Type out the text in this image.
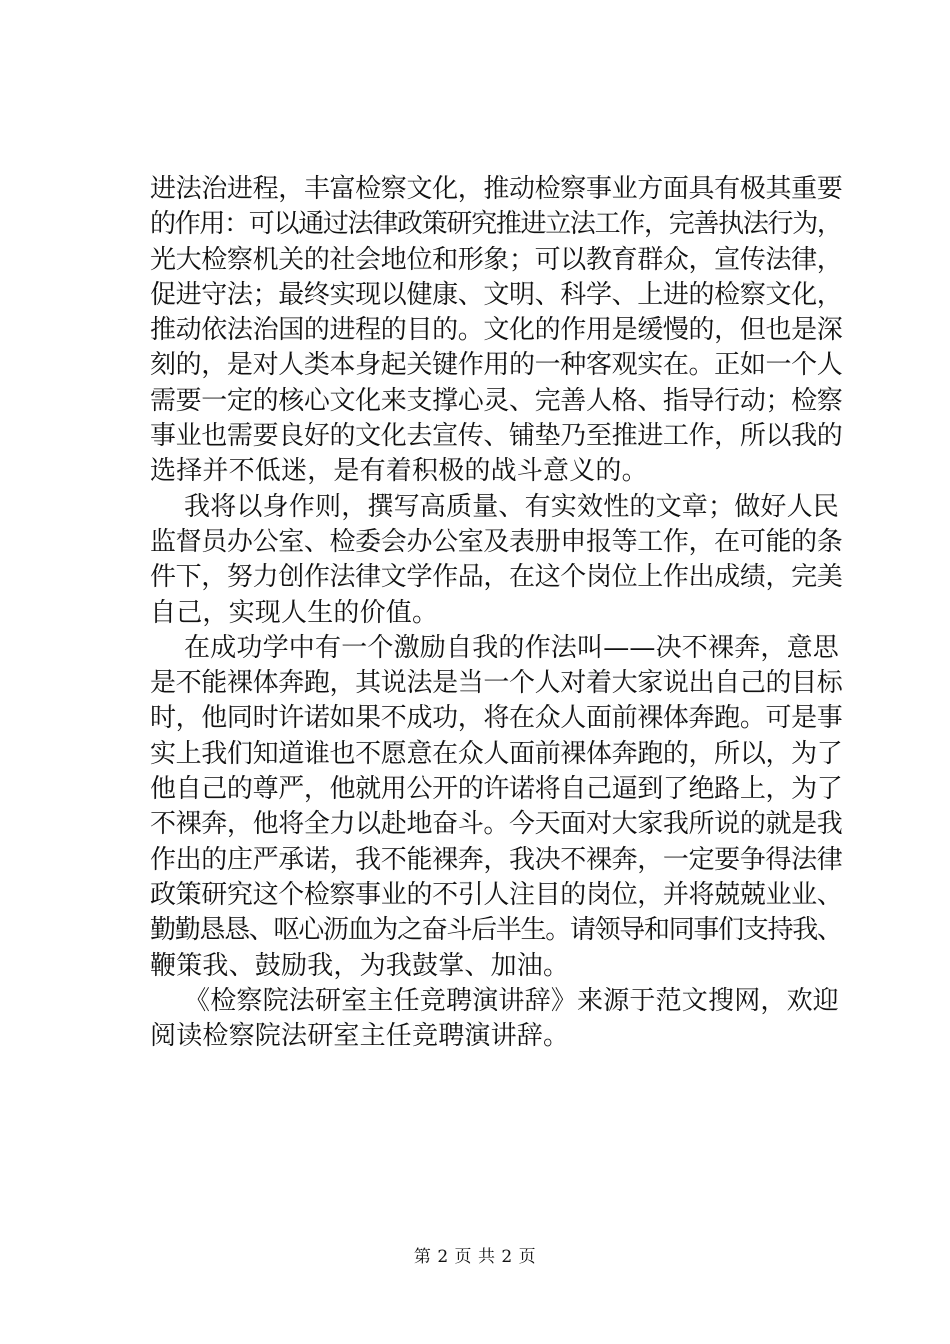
进法治进程，丰富检察文化，推动检察事业方面具有极其重要
的作用：可以通过法律政策研究推进立法工作，完善执法行为，
光大检察机关的社会地位和形象；可以教育群众，宣传法律，
促进守法；最终实现以健康、文明、科学、上进的检察文化，
推动依法治国的进程的目的。文化的作用是缓慢的，但也是深
刻的，是对人类本身起关键作用的一种客观实在。正如一个人
需要一定的核心文化来支撑心灵、完善人格、指导行动；检察
事业也需要良好的文化去宣传、铺垫乃至推进工作，所以我的
选择并不低迷，是有着积极的战斗意义的。
我将以身作则，撰写高质量、有实效性的文章；做好人民
监督员办公室、检委会办公室及表册申报等工作，在可能的条
件下，努力创作法律文学作品，在这个岗位上作出成绩，完美
自己，实现人生的价值。
在成功学中有一个激励自我的作法叫——决不裸奔，意思
是不能裸体奔跑，其说法是当一个人对着大家说出自己的目标
时，他同时许诺如果不成功，将在众人面前裸体奔跑。可是事
实上我们知道谁也不愿意在众人面前裸体奔跑的，所以，为了
他自己的尊严，他就用公开的许诺将自己逼到了绝路上，为了
不裸奔，他将全力以赴地奋斗。今天面对大家我所说的就是我
作出的庄严承诺，我不能裸奔，我决不裸奔，一定要争得法律
政策研究这个检察事业的不引人注目的岗位，并将兢兢业业、
勤勤恳恳、呕心沥血为之奋斗后半生。请领导和同事们支持我、
鞭策我、鼓励我，为我鼓掌、加油。
《检察院法研室主任竞聘演讲辞》来源于范文搜网，欢迎
阅读检察院法研室主任竞聘演讲辞。
第 2 页 共 2 页
